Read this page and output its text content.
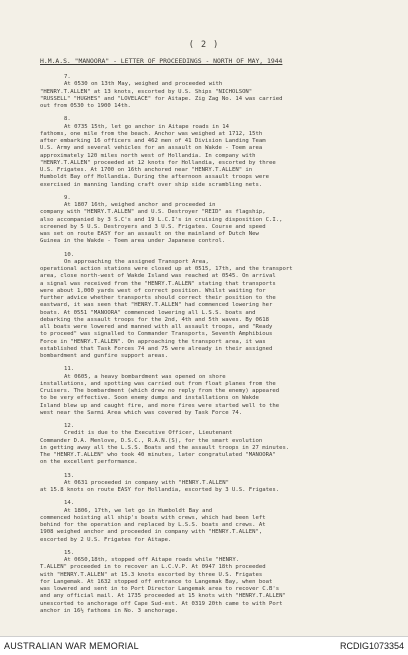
( 2 )
H.M.A.S. "MANOORA" - LETTER OF PROCEEDINGS - NORTH OF MAY, 1944
7.
At 0530 on 13th May, weighed and proceeded with
"HENRY.T.ALLEN" at 13 knots, escorted by U.S. Ships "NICHOLSON"
"RUSSELL" "HUGHES" and "LOVELACE" for Aitape. Zig Zag No. 14 was carried
out from 0530 to 1900 14th.
8.
At 0735 15th, let go anchor in Aitape roads in 14
fathoms, one mile from the beach. Anchor was weighed at 1712, 15th
after embarking 16 officers and 462 men of 41 Division Landing Team
U.S. Army and several vehicles for an assault on Wakde - Toem area
approximately 120 miles north west of Hollandia. In company with
"HENRY.T.ALLEN" proceeded at 12 knots for Hollandia, escorted by three
U.S. Frigates. At 1700 on 16th anchored near "HENRY.T.ALLEN" in
Humboldt Bay off Hollandia. During the afternoon assault troops were
exercised in manning landing craft over ship side scrambling nets.
9.
At 1807 16th, weighed anchor and proceeded in
company with "HENRY.T.ALLEN" and U.S. Destroyer "REID" as flagship,
also accompanied by 3 S.C's and 19 L.C.I's in cruising disposition C.I.,
screened by 5 U.S. Destroyers and 3 U.S. Frigates. Course and speed
was set on route EASY for an assault on the mainland of Dutch New
Guinea in the Wakde - Toem area under Japanese control.
10.
On approaching the assigned Transport Area,
operational action stations were closed up at 0515, 17th, and the transport
area, close north-west of Wakde Island was reached at 0545. On arrival
a signal was received from the "HENRY.T.ALLEN" stating that transports
were about 1,000 yards west of correct position. Whilst waiting for
further advice whether transports should correct their position to the
eastward, it was seen that "HENRY.T.ALLEN" had commenced lowering her
boats. At 0551 "MANOORA" commenced lowering all L.S.S. boats and
debarking the assault troops for the 2nd, 4th and 5th waves. By 0618
all boats were lowered and manned with all assault troops, and "Ready
to proceed" was signalled to Commander Transports, Seventh Amphibious
Force in "HENRY.T.ALLEN". On approaching the transport area, it was
established that Task Forces 74 and 75 were already in their assigned
bombardment and gunfire support areas.
11.
At 0605, a heavy bombardment was opened on shore
installations, and spotting was carried out from float planes from the
Cruisers. The bombardment (which drew no reply from the enemy) appeared
to be very effective. Soon enemy dumps and installations on Wakde
Island blew up and caught fire, and more fires were started well to the
west near the Sarmi Area which was covered by Task Force 74.
12.
Credit is due to the Executive Officer, Lieutenant
Commander D.A. Menlove, D.S.C., R.A.N.(S), for the smart evolution
in getting away all the L.S.S. Boats and the assault troops in 27 minutes.
The "HENRY.T.ALLEN" who took 40 minutes, later congratulated "MANOORA"
on the excellent performance.
13.
At 0631 proceeded in company with "HENRY.T.ALLEN"
at 15.8 knots on route EASY for Hollandia, escorted by 3 U.S. Frigates.
14.
At 1806, 17th, we let go in Humboldt Bay and
commenced hoisting all ship's boats with crews, which had been left
behind for the operation and replaced by L.S.S. boats and crews. At
1908 weighed anchor and proceeded in company with "HENRY.T.ALLEN",
escorted by 2 U.S. Frigates for Aitape.
15.
At 0650,18th, stopped off Aitape roads while "HENRY.
T.ALLEN" proceeded in to recover an L.C.V.P. At 0947 18th proceeded
with "HENRY.T.ALLEN" at 15.3 knots escorted by three U.S. Frigates
for Langemak. At 1632 stopped off entrance to Langemak Bay, when boat
was lowered and sent in to Port Director Langemak area to recover C.B's
and any official mail. At 1735 proceeded at 15 knots with "HENRY.T.ALLEN"
unescorted to anchorage off Cape Sud-est. At 0319 20th came to with Port
anchor in 16½ fathoms in No. 3 anchorage.
AUSTRALIAN WAR MEMORIAL	RCDIG1073354
